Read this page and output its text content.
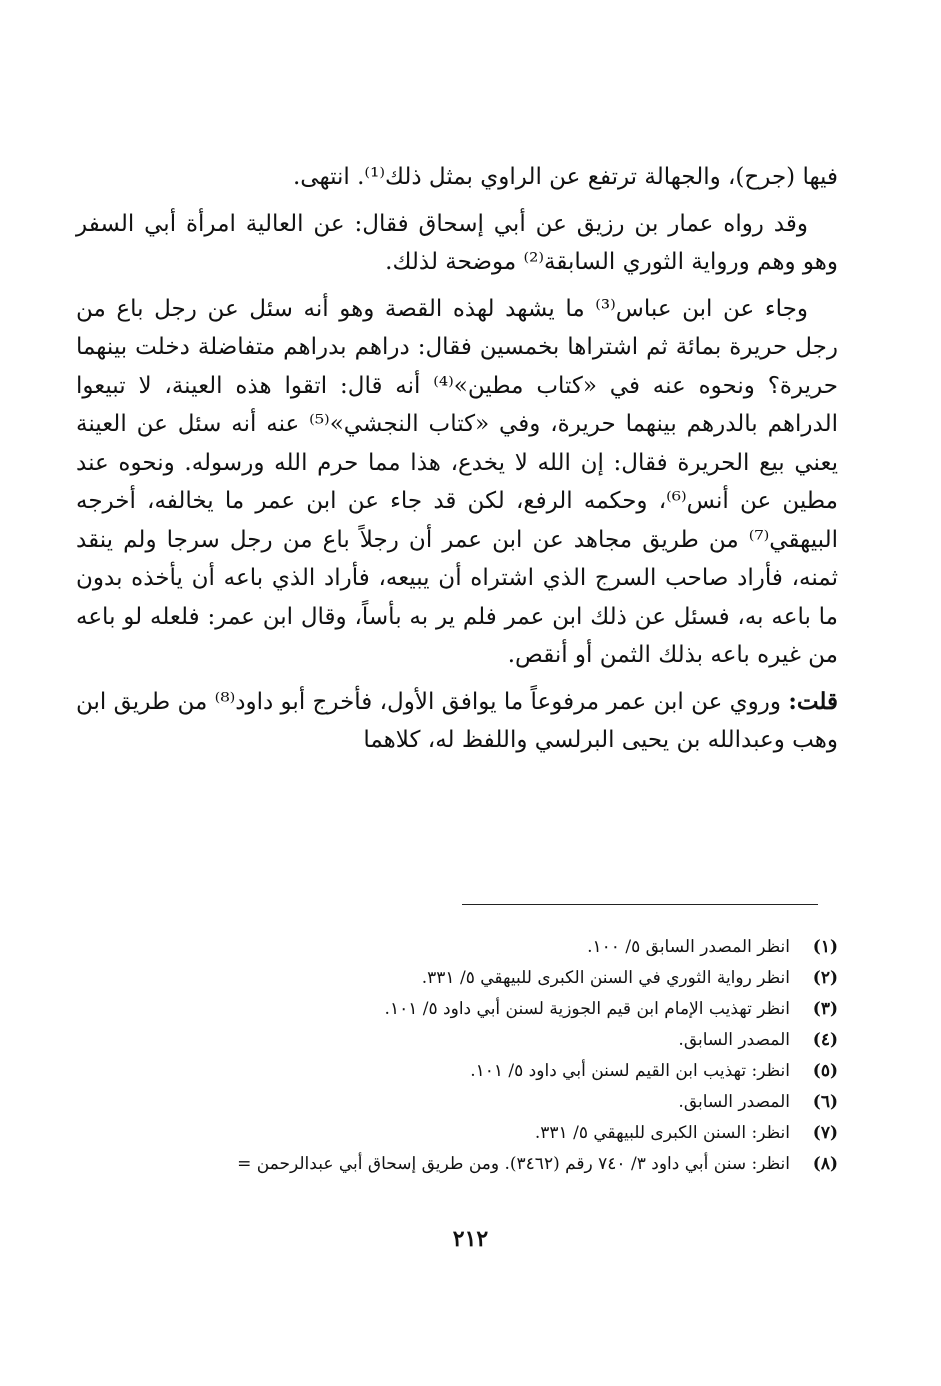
فيها (جرح)، والجهالة ترتفع عن الراوي بمثل ذلك⁽¹⁾. انتهى.

وقد رواه عمار بن رزيق عن أبي إسحاق فقال: عن العالية امرأة أبي السفر وهو وهم ورواية الثوري السابقة⁽²⁾ موضحة لذلك.

وجاء عن ابن عباس⁽³⁾ ما يشهد لهذه القصة وهو أنه سئل عن رجل باع من رجل حريرة بمائة ثم اشتراها بخمسين فقال: دراهم بدراهم متفاضلة دخلت بينهما حريرة؟ ونحوه عنه في «كتاب مطين»⁽⁴⁾ أنه قال: اتقوا هذه العينة، لا تبيعوا الدراهم بالدرهم بينهما حريرة، وفي «كتاب النجشي»⁽⁵⁾ عنه أنه سئل عن العينة يعني بيع الحريرة فقال: إن الله لا يخدع، هذا مما حرم الله ورسوله. ونحوه عند مطين عن أنس⁽⁶⁾، وحكمه الرفع، لكن قد جاء عن ابن عمر ما يخالفه، أخرجه البيهقي⁽⁷⁾ من طريق مجاهد عن ابن عمر أن رجلاً باع من رجل سرجا ولم ينقد ثمنه، فأراد صاحب السرج الذي اشتراه أن يبيعه، فأراد الذي باعه أن يأخذه بدون ما باعه به، فسئل عن ذلك ابن عمر فلم ير به بأساً، وقال ابن عمر: فلعله لو باعه من غيره باعه بذلك الثمن أو أنقص.

قلت: وروي عن ابن عمر مرفوعاً ما يوافق الأول، فأخرج أبو داود⁽⁸⁾ من طريق ابن وهب وعبدالله بن يحيى البرلسي واللفظ له، كلاهما

(١)
انظر المصدر السابق ٥/ ١٠٠.
(٢)
انظر رواية الثوري في السنن الكبرى للبيهقي ٥/ ٣٣١.
(٣)
انظر تهذيب الإمام ابن قيم الجوزية لسنن أبي داود ٥/ ١٠١.
(٤)
المصدر السابق.
(٥)
انظر: تهذيب ابن القيم لسنن أبي داود ٥/ ١٠١.
(٦)
المصدر السابق.
(٧)
انظر: السنن الكبرى للبيهقي ٥/ ٣٣١.
(٨)
انظر: سنن أبي داود ٣/ ٧٤٠ رقم (٣٤٦٢). ومن طريق إسحاق أبي عبدالرحمن =
٢١٢
